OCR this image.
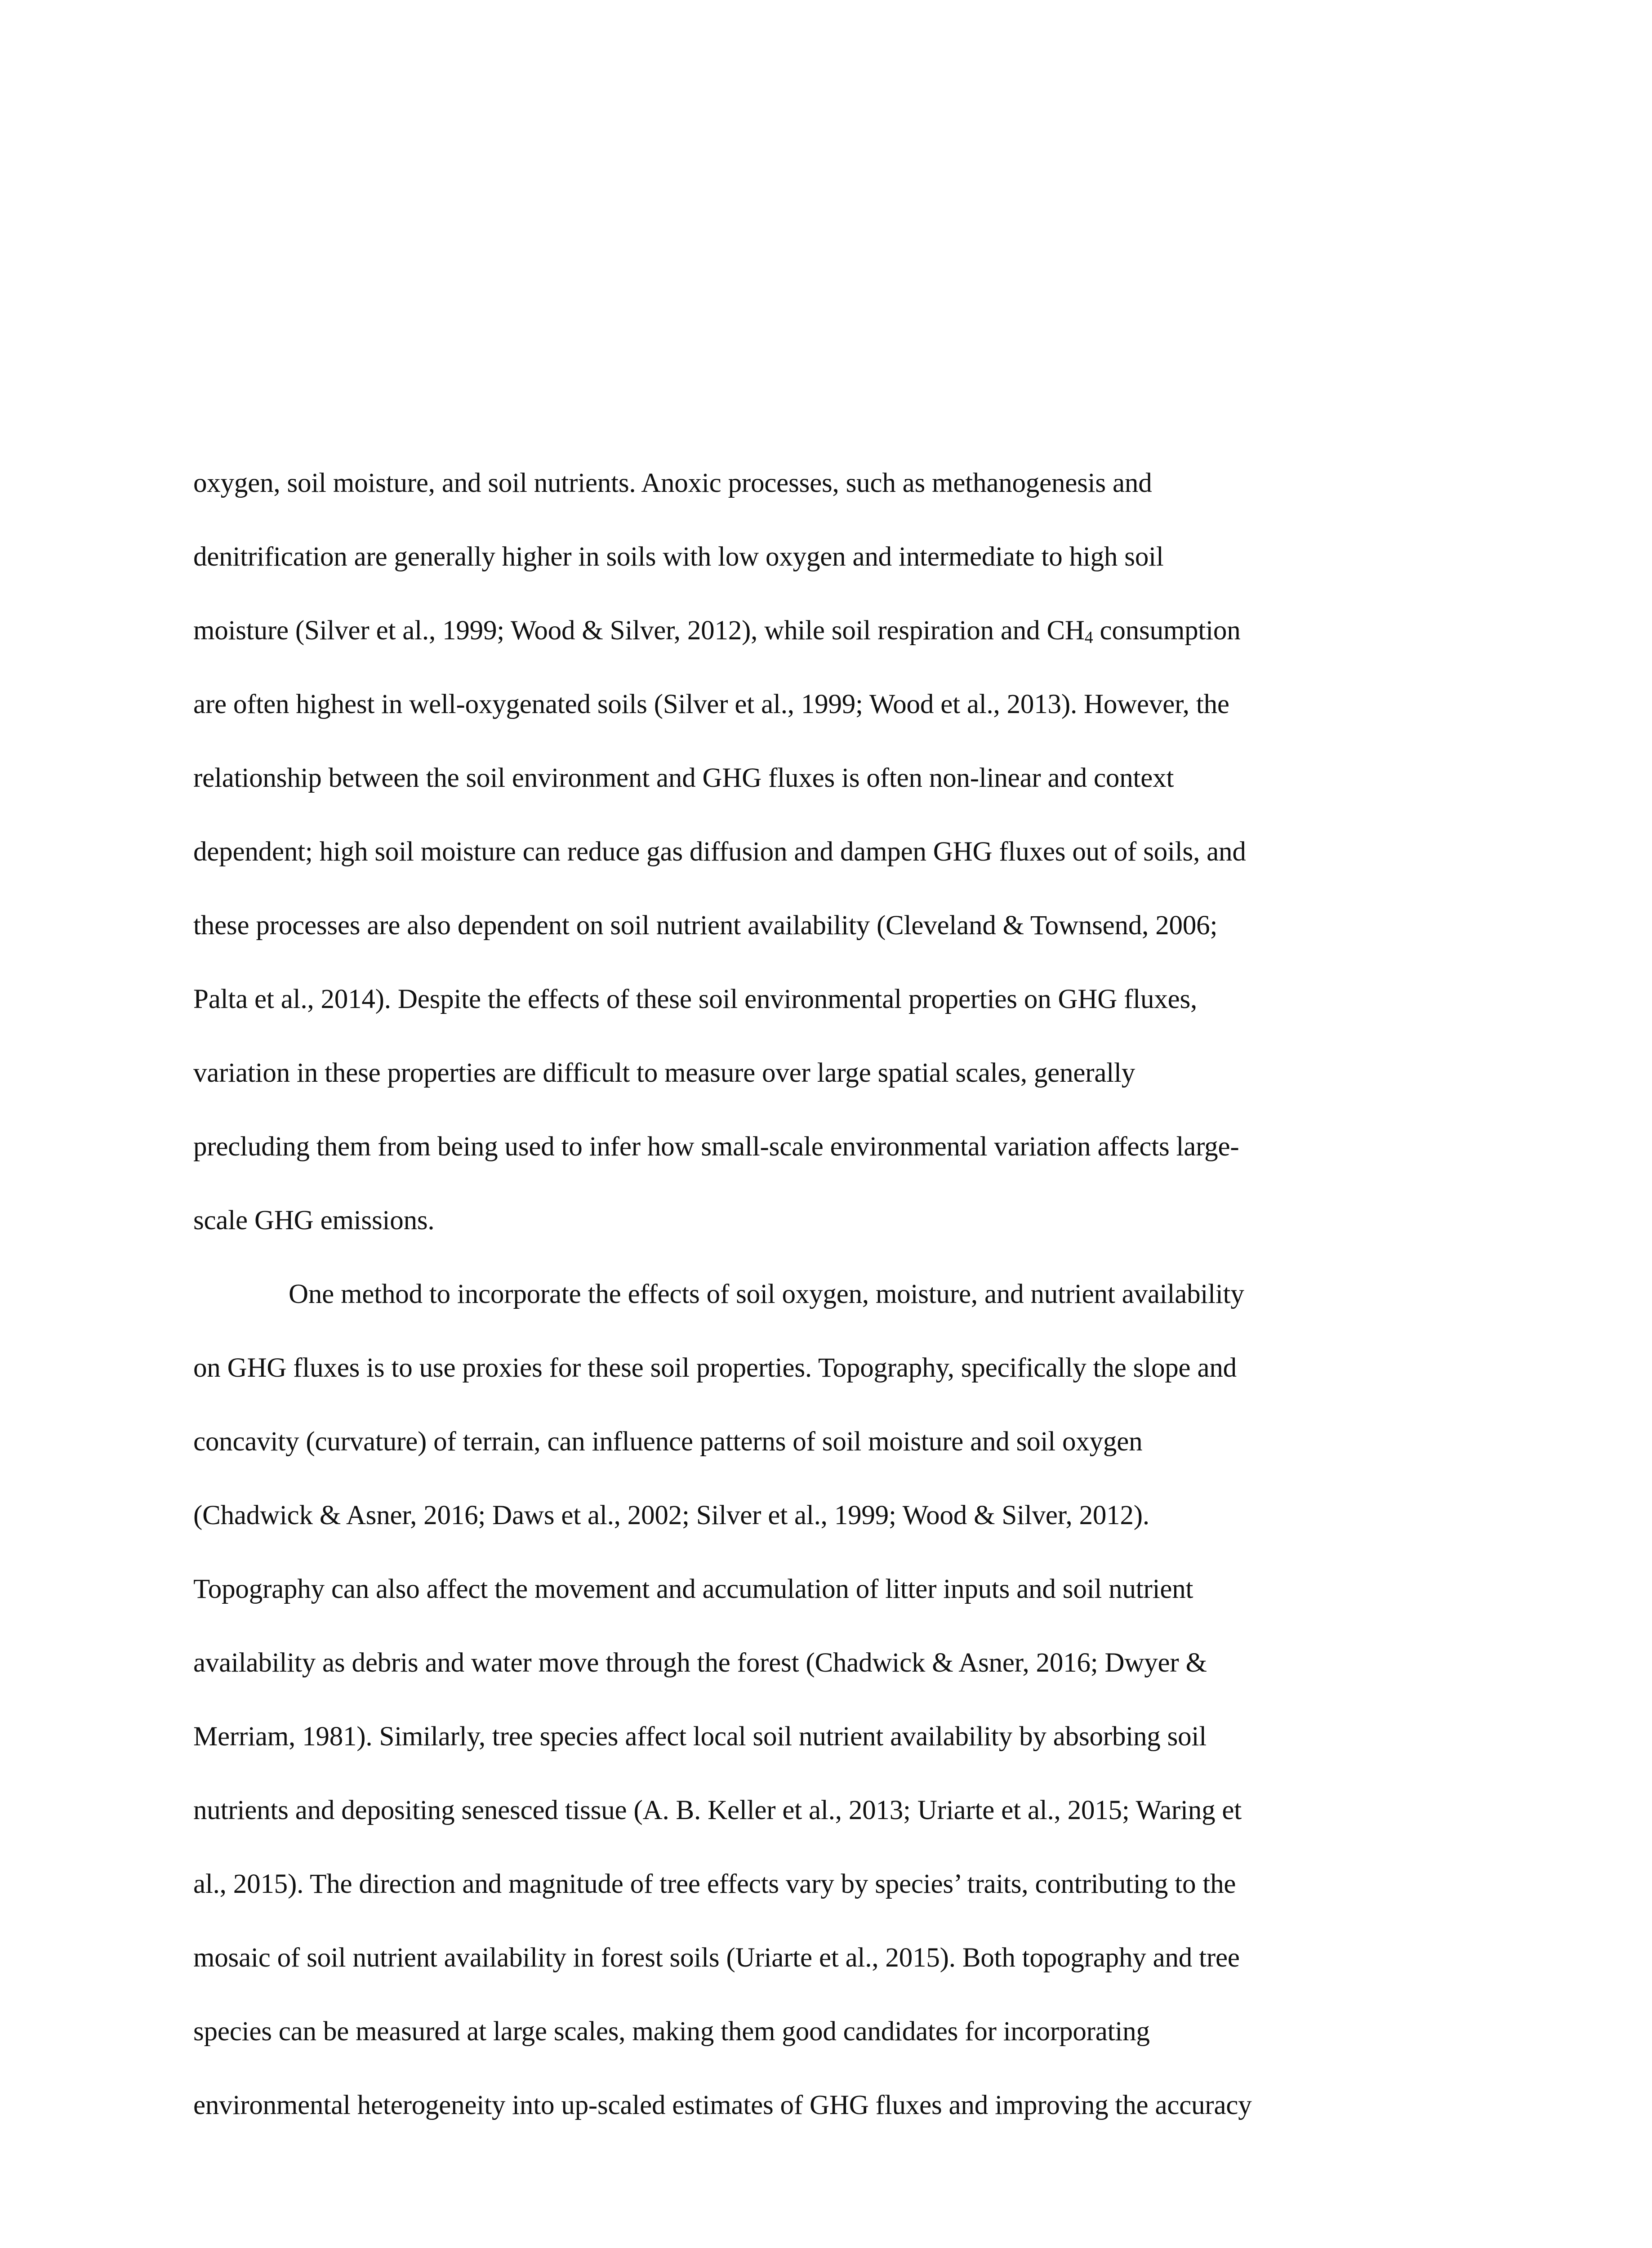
oxygen, soil moisture, and soil nutrients. Anoxic processes, such as methanogenesis and
denitrification are generally higher in soils with low oxygen and intermediate to high soil
moisture (Silver et al., 1999; Wood & Silver, 2012), while soil respiration and CH4 consumption
are often highest in well-oxygenated soils (Silver et al., 1999; Wood et al., 2013). However, the
relationship between the soil environment and GHG fluxes is often non-linear and context
dependent; high soil moisture can reduce gas diffusion and dampen GHG fluxes out of soils, and
these processes are also dependent on soil nutrient availability (Cleveland & Townsend, 2006;
Palta et al., 2014). Despite the effects of these soil environmental properties on GHG fluxes,
variation in these properties are difficult to measure over large spatial scales, generally
precluding them from being used to infer how small-scale environmental variation affects large-
scale GHG emissions.
One method to incorporate the effects of soil oxygen, moisture, and nutrient availability
on GHG fluxes is to use proxies for these soil properties. Topography, specifically the slope and
concavity (curvature) of terrain, can influence patterns of soil moisture and soil oxygen
(Chadwick & Asner, 2016; Daws et al., 2002; Silver et al., 1999; Wood & Silver, 2012).
Topography can also affect the movement and accumulation of litter inputs and soil nutrient
availability as debris and water move through the forest (Chadwick & Asner, 2016; Dwyer &
Merriam, 1981). Similarly, tree species affect local soil nutrient availability by absorbing soil
nutrients and depositing senesced tissue (A. B. Keller et al., 2013; Uriarte et al., 2015; Waring et
al., 2015). The direction and magnitude of tree effects vary by species’ traits, contributing to the
mosaic of soil nutrient availability in forest soils (Uriarte et al., 2015). Both topography and tree
species can be measured at large scales, making them good candidates for incorporating
environmental heterogeneity into up-scaled estimates of GHG fluxes and improving the accuracy
